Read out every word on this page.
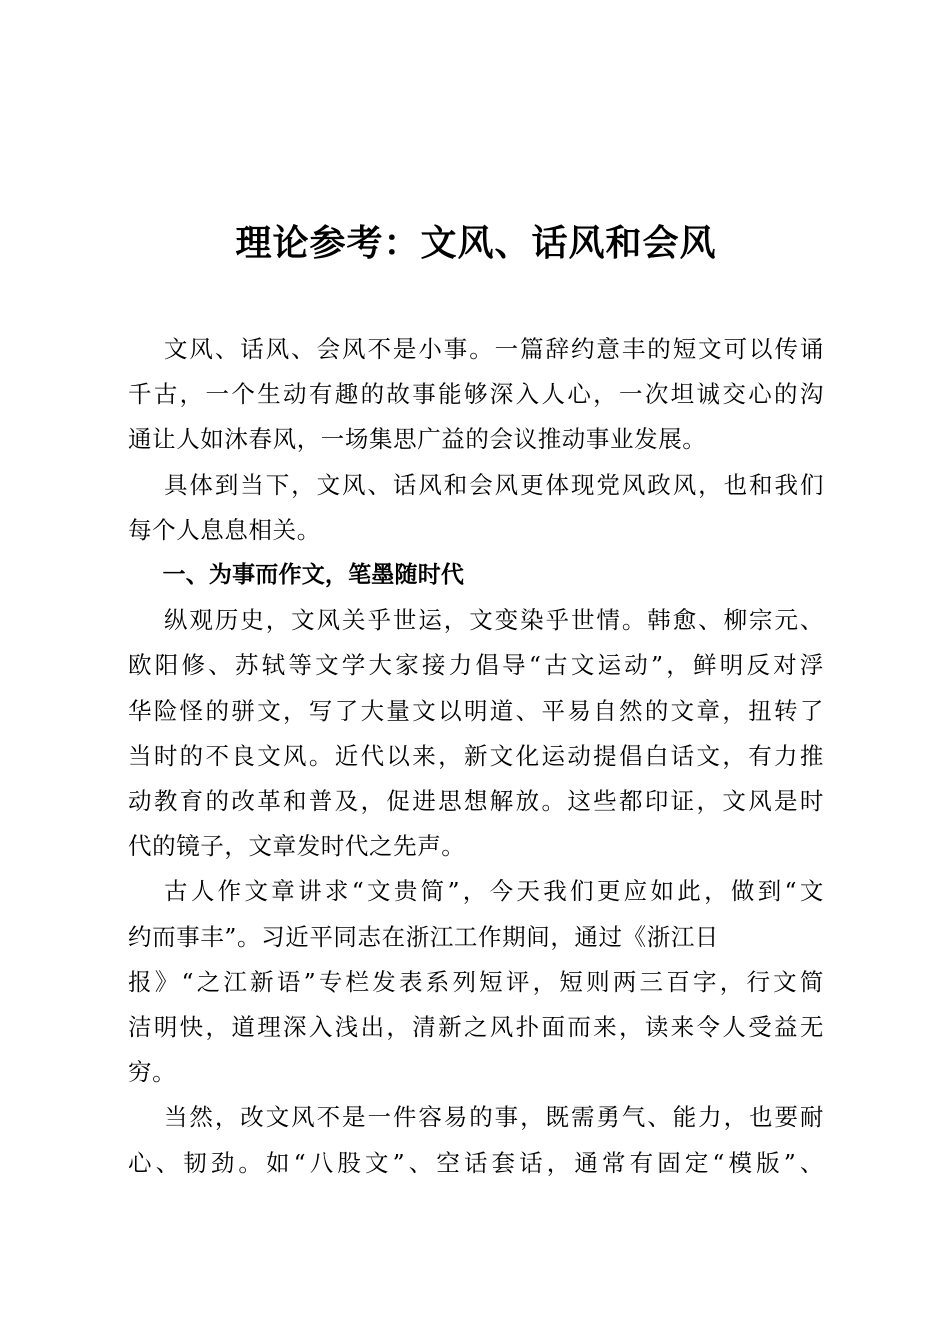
理论参考：文风、话风和会风

文风、话风、会风不是小事。一篇辞约意丰的短文可以传诵
千古，一个生动有趣的故事能够深入人心，一次坦诚交心的沟
通让人如沐春风，一场集思广益的会议推动事业发展。

具体到当下，文风、话风和会风更体现党风政风，也和我们
每个人息息相关。

一、为事而作文，笔墨随时代

纵观历史，文风关乎世运，文变染乎世情。韩愈、柳宗元、
欧阳修、苏轼等文学大家接力倡导“古文运动”，鲜明反对浮
华险怪的骈文，写了大量文以明道、平易自然的文章，扭转了
当时的不良文风。近代以来，新文化运动提倡白话文，有力推
动教育的改革和普及，促进思想解放。这些都印证，文风是时
代的镜子，文章发时代之先声。

古人作文章讲求“文贵简”，今天我们更应如此，做到“文
约而事丰”。习近平同志在浙江工作期间，通过《浙江日
报》“之江新语”专栏发表系列短评，短则两三百字，行文简
洁明快，道理深入浅出，清新之风扑面而来，读来令人受益无
穷。

当然，改文风不是一件容易的事，既需勇气、能力，也要耐
心、韧劲。如“八股文”、空话套话，通常有固定“模版”、
